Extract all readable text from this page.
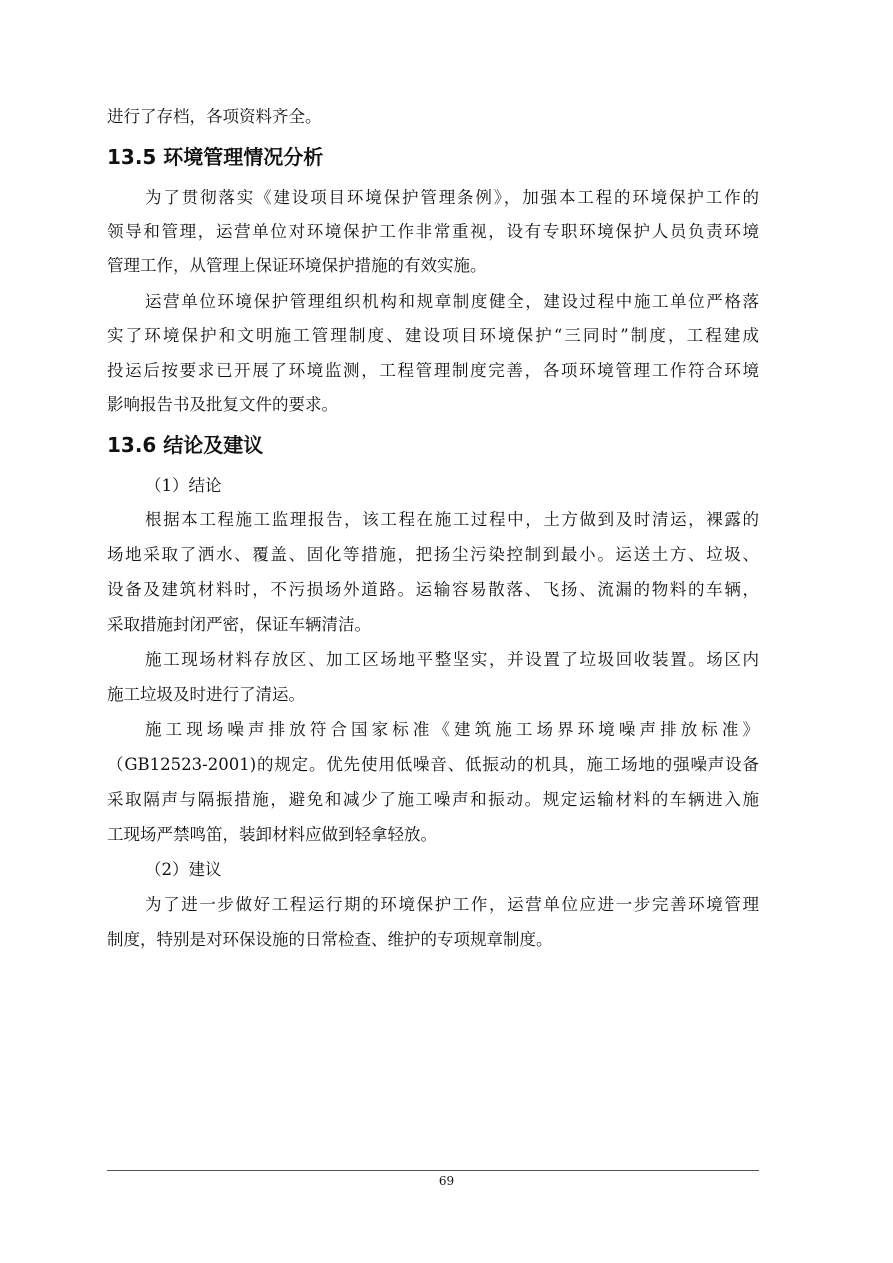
进行了存档，各项资料齐全。
13.5 环境管理情况分析
为了贯彻落实《建设项目环境保护管理条例》，加强本工程的环境保护工作的
领导和管理，运营单位对环境保护工作非常重视，设有专职环境保护人员负责环境
管理工作，从管理上保证环境保护措施的有效实施。
运营单位环境保护管理组织机构和规章制度健全，建设过程中施工单位严格落
实了环境保护和文明施工管理制度、建设项目环境保护“三同时”制度，工程建成
投运后按要求已开展了环境监测，工程管理制度完善，各项环境管理工作符合环境
影响报告书及批复文件的要求。
13.6 结论及建议
（1）结论
根据本工程施工监理报告，该工程在施工过程中，土方做到及时清运，裸露的
场地采取了洒水、覆盖、固化等措施，把扬尘污染控制到最小。运送土方、垃圾、
设备及建筑材料时，不污损场外道路。运输容易散落、飞扬、流漏的物料的车辆，
采取措施封闭严密，保证车辆清洁。
施工现场材料存放区、加工区场地平整坚实，并设置了垃圾回收装置。场区内
施工垃圾及时进行了清运。
施工现场噪声排放符合国家标准《建筑施工场界环境噪声排放标准》
（GB12523-2001)的规定。优先使用低噪音、低振动的机具，施工场地的强噪声设备
采取隔声与隔振措施，避免和减少了施工噪声和振动。规定运输材料的车辆进入施
工现场严禁鸣笛，装卸材料应做到轻拿轻放。
（2）建议
为了进一步做好工程运行期的环境保护工作，运营单位应进一步完善环境管理
制度，特别是对环保设施的日常检查、维护的专项规章制度。
69
